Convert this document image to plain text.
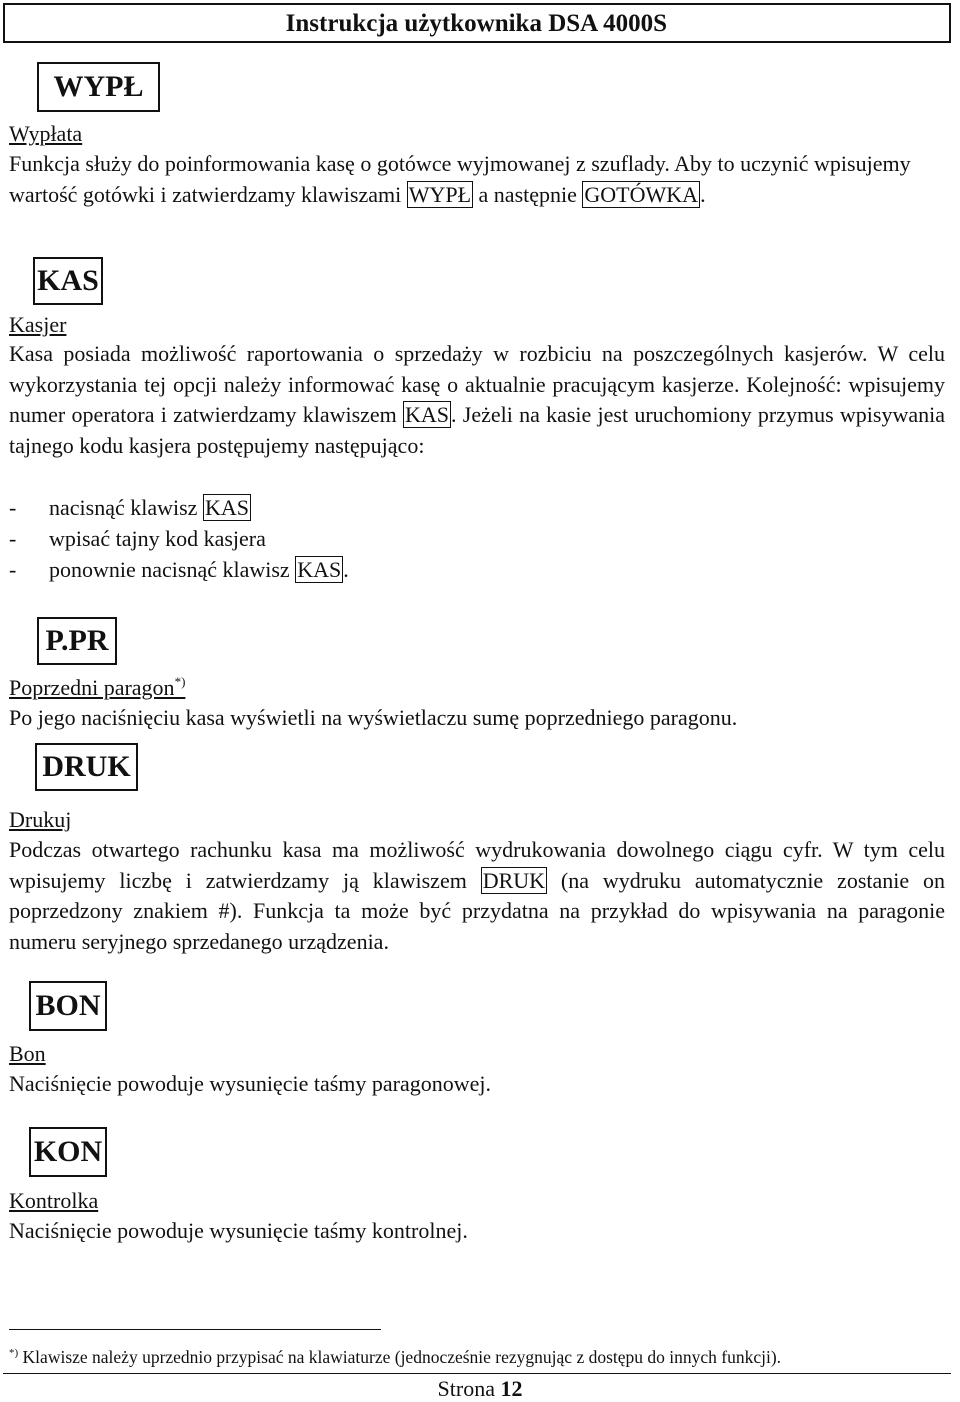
Instrukcja użytkownika DSA 4000S
WYPŁ
Wypłata

Funkcja służy do poinformowania kasę o gotówce wyjmowanej z szuflady. Aby to uczynić wpisujemy wartość gotówki i zatwierdzamy klawiszami WYPŁ a następnie GOTÓWKA.

KAS
Kasjer

Kasa posiada możliwość raportowania o sprzedaży w rozbiciu na poszczególnych kasjerów. W celu wykorzystania tej opcji należy informować kasę o aktualnie pracującym kasjerze. Kolejność: wpisujemy numer operatora i zatwierdzamy klawiszem KAS. Jeżeli na kasie jest uruchomiony przymus wpisywania tajnego kodu kasjera postępujemy następująco:

-	nacisnąć klawisz KAS
-	wpisać tajny kod kasjera
-	ponownie nacisnąć klawisz KAS.
P.PR
Poprzedni paragon*)

Po jego naciśnięciu kasa wyświetli na wyświetlaczu sumę poprzedniego paragonu.

DRUK
Drukuj

Podczas otwartego rachunku kasa ma możliwość wydrukowania dowolnego ciągu cyfr. W tym celu wpisujemy liczbę i zatwierdzamy ją klawiszem DRUK (na wydruku automatycznie zostanie on poprzedzony znakiem #). Funkcja ta może być przydatna na przykład do wpisywania na paragonie numeru seryjnego sprzedanego urządzenia.

BON
Bon

Naciśnięcie powoduje wysunięcie taśmy paragonowej.

KON
Kontrolka

Naciśnięcie powoduje wysunięcie taśmy kontrolnej.

*) Klawisze należy uprzednio przypisać na klawiaturze (jednocześnie rezygnując z dostępu do innych funkcji).
Strona 12
